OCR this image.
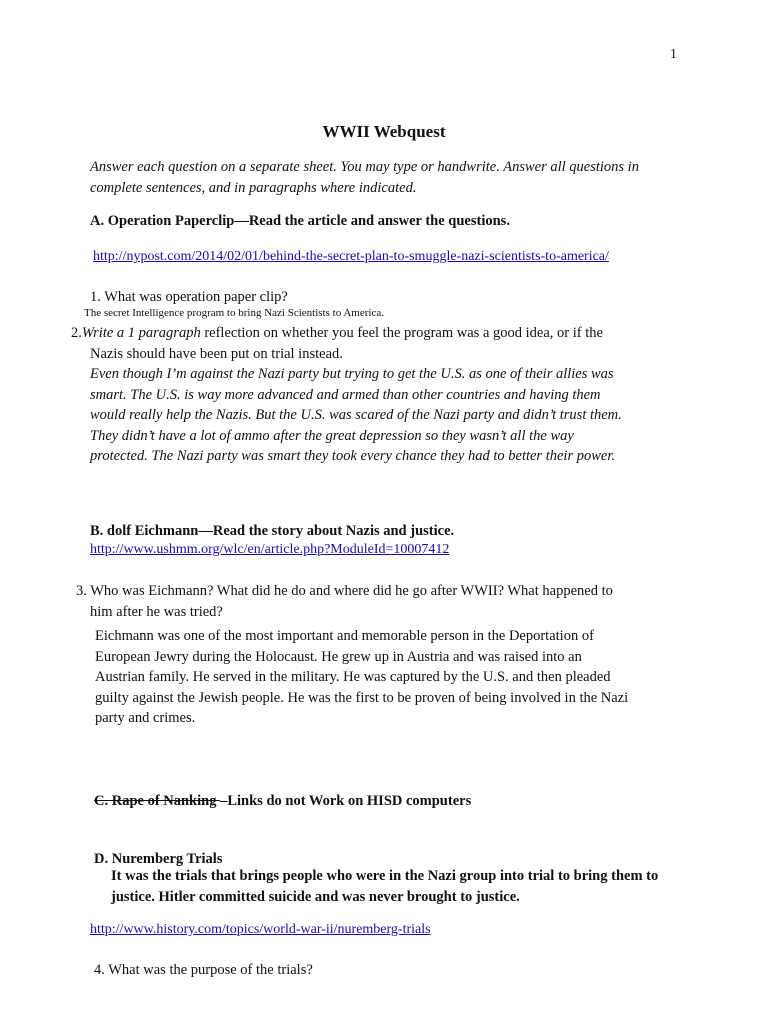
1
WWII Webquest
Answer each question on a separate sheet. You may type or handwrite. Answer all questions in
complete sentences, and in paragraphs where indicated.
A. Operation Paperclip—Read the article and answer the questions.
http://nypost.com/2014/02/01/behind-the-secret-plan-to-smuggle-nazi-scientists-to-america/
1. What was operation paper clip?
The secret Intelligence program to bring Nazi Scientists to America.
2.Write a 1 paragraph reflection on whether you feel the program was a good idea, or if the
Nazis should have been put on trial instead.
Even though I’m against the Nazi party but trying to get the U.S. as one of their allies was
smart. The U.S. is way more advanced and armed than other countries and having them
would really help the Nazis. But the U.S. was scared of the Nazi party and didn’t trust them.
They didn’t have a lot of ammo after the great depression so they wasn’t all the way
protected. The Nazi party was smart they took every chance they had to better their power.
B. dolf Eichmann—Read the story about Nazis and justice.
http://www.ushmm.org/wlc/en/article.php?ModuleId=10007412
3. Who was Eichmann? What did he do and where did he go after WWII? What happened to
him after he was tried?
Eichmann was one of the most important and memorable person in the Deportation of
European Jewry during the Holocaust. He grew up in Austria and was raised into an
Austrian family. He served in the military. He was captured by the U.S. and then pleaded
guilty against the Jewish people. He was the first to be proven of being involved in the Nazi
party and crimes.
C. Rape of Nanking –Links do not Work on HISD computers
D. Nuremberg Trials
It was the trials that brings people who were in the Nazi group into trial to bring them to
justice. Hitler committed suicide and was never brought to justice.
http://www.history.com/topics/world-war-ii/nuremberg-trials
4. What was the purpose of the trials?
